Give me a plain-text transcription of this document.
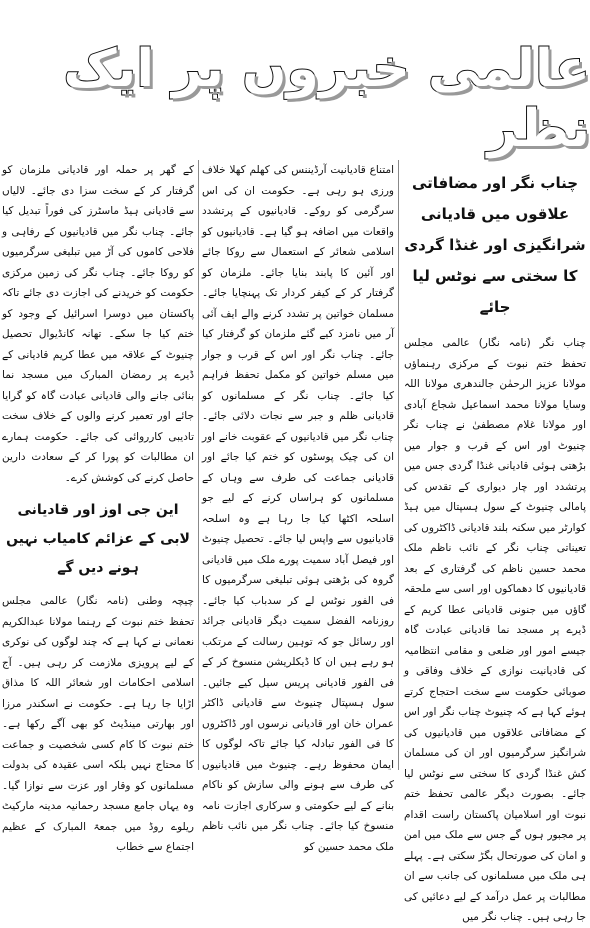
عالمی خبروں پر ایک نظر
چناب نگر اور مضافاتی علاقوں میں قادیانی شرانگیزی اور غنڈا گردی کا سختی سے نوٹس لیا جائے

چناب نگر (نامہ نگار) عالمی مجلس تحفظ ختم نبوت کے مرکزی رہنماؤں مولانا عزیز الرحمٰن جالندھری مولانا اللہ وسایا مولانا محمد اسماعیل شجاع آبادی اور مولانا غلام مصطفیٰ نے چناب نگر چنیوٹ اور اس کے قرب و جوار میں بڑھتی ہوئی قادیانی غنڈا گردی جس میں پرتشدد اور چار دیواری کے تقدس کی پامالی چنیوٹ کے سول ہسپتال میں ہیڈ کوارٹر میں سکنہ بلند قادیانی ڈاکٹروں کی تعیناتی چناب نگر کے نائب ناظم ملک محمد حسین ناظم کی گرفتاری کے بعد قادیانیوں کا دھماکوں اور اسی سے ملحقہ گاؤں میں جنونی قادیانی عطا کریم کے ڈیرے پر مسجد نما قادیانی عبادت گاہ جیسے امور اور ضلعی و مقامی انتظامیہ کی قادیانیت نوازی کے خلاف وفاقی و صوبائی حکومت سے سخت احتجاج کرتے ہوئے کہا ہے کہ چنیوٹ چناب نگر اور اس کے مضافاتی علاقوں میں قادیانیوں کی شرانگیز سرگرمیوں اور ان کی مسلمان کش غنڈا گردی کا سختی سے نوٹس لیا جائے۔ بصورت دیگر عالمی تحفظ ختم نبوت اور اسلامیان پاکستان راست اقدام پر مجبور ہوں گے جس سے ملک میں امن و امان کی صورتحال بگڑ سکتی ہے۔ پہلے ہی ملک میں مسلمانوں کی جانب سے ان مطالبات پر عمل درآمد کے لیے دعائیں کی جا رہی ہیں۔ چناب نگر میں

امتناع قادیانیت آرڈیننس کی کھلم کھلا خلاف ورزی ہو رہی ہے۔ حکومت ان کی اس سرگرمی کو روکے۔ قادیانیوں کے پرتشدد واقعات میں اضافہ ہو گیا ہے۔ قادیانیوں کو اسلامی شعائر کے استعمال سے روکا جائے اور آئین کا پابند بنایا جائے۔ ملزمان کو گرفتار کر کے کیفر کردار تک پہنچایا جائے۔ مسلمان خواتین پر تشدد کرنے والے ایف آئی آر میں نامزد کیے گئے ملزمان کو گرفتار کیا جائے۔ چناب نگر اور اس کے قرب و جوار میں مسلم خواتین کو مکمل تحفظ فراہم کیا جائے۔ چناب نگر کے مسلمانوں کو قادیانی ظلم و جبر سے نجات دلائی جائے۔ چناب نگر میں قادیانیوں کے عقوبت خانے اور ان کی چیک پوسٹوں کو ختم کیا جائے اور قادیانی جماعت کی طرف سے وہاں کے مسلمانوں کو ہراساں کرنے کے لیے جو اسلحہ اکٹھا کیا جا رہا ہے وہ اسلحہ قادیانیوں سے واپس لیا جائے۔ تحصیل چنیوٹ اور فیصل آباد سمیت پورے ملک میں قادیانی گروہ کی بڑھتی ہوئی تبلیغی سرگرمیوں کا فی الفور نوٹس لے کر سدباب کیا جائے۔ روزنامہ الفضل سمیت دیگر قادیانی جرائد اور رسائل جو کہ توہین رسالت کے مرتکب ہو رہے ہیں ان کا ڈیکلریشن منسوخ کر کے فی الفور قادیانی پریس سیل کیے جائیں۔ سول ہسپتال چنیوٹ سے قادیانی ڈاکٹر عمران خان اور قادیانی نرسوں اور ڈاکٹروں کا فی الفور تبادلہ کیا جائے تاکہ لوگوں کا ایمان محفوظ رہے۔ چنیوٹ میں قادیانیوں کی طرف سے ہونے والی سازش کو ناکام بنانے کے لیے حکومتی و سرکاری اجازت نامہ منسوخ کیا جائے۔ چناب نگر میں نائب ناظم ملک محمد حسین کو

کے گھر پر حملہ اور قادیانی ملزمان کو گرفتار کر کے سخت سزا دی جائے۔ لالیاں سے قادیانی ہیڈ ماسٹرز کی فوراً تبدیل کیا جائے۔ چناب نگر میں قادیانیوں کے رفاہی و فلاحی کاموں کی آڑ میں تبلیغی سرگرمیوں کو روکا جائے۔ چناب نگر کی زمین مرکزی حکومت کو خریدنے کی اجازت دی جائے تاکہ پاکستان میں دوسرا اسرائیل کے وجود کو ختم کیا جا سکے۔ تھانہ کانڈیوال تحصیل چنیوٹ کے علاقہ میں عطا کریم قادیانی کے ڈیرے پر رمضان المبارک میں مسجد نما بنائی جانے والی قادیانی عبادت گاہ کو گرایا جائے اور تعمیر کرنے والوں کے خلاف سخت تادیبی کارروائی کی جائے۔ حکومت ہمارے ان مطالبات کو پورا کر کے سعادت دارین حاصل کرنے کی کوشش کرے۔

این جی اوز اور قادیانی لابی کے عزائم کامیاب نہیں ہونے دیں گے

چیچہ وطنی (نامہ نگار) عالمی مجلس تحفظ ختم نبوت کے رہنما مولانا عبدالکریم نعمانی نے کہا ہے کہ چند لوگوں کی نوکری کے لیے پرویزی ملازمت کر رہی ہیں۔ آج اسلامی احکامات اور شعائر اللہ کا مذاق اڑایا جا رہا ہے۔ حکومت نے اسکندر مرزا اور بھارتی مینڈیٹ کو بھی آگے رکھا ہے۔ ختم نبوت کا کام کسی شخصیت و جماعت کا محتاج نہیں بلکہ اسی عقیدہ کی بدولت مسلمانوں کو وقار اور عزت سے نوازا گیا۔ وہ یہاں جامع مسجد رحمانیہ مدینہ مارکیٹ ریلوے روڈ میں جمعۃ المبارک کے عظیم اجتماع سے خطاب
